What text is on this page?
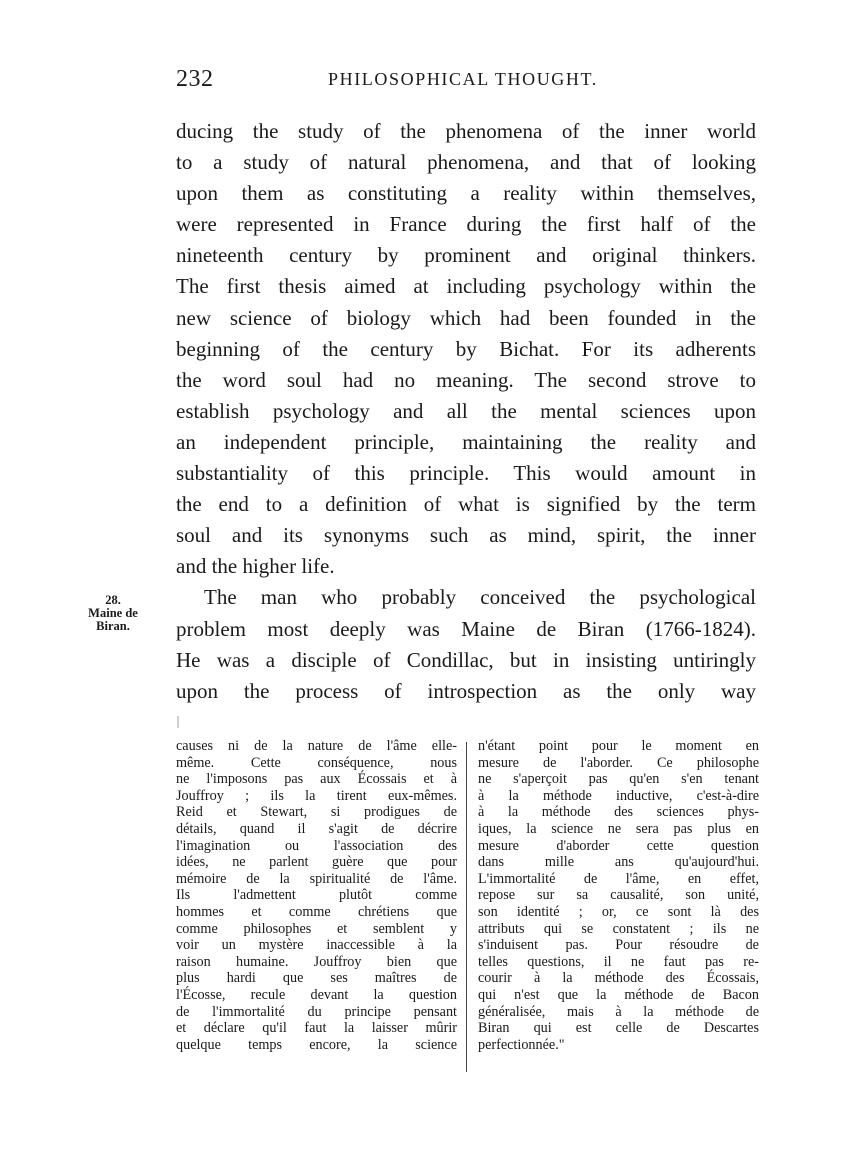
232	PHILOSOPHICAL THOUGHT.
ducing the study of the phenomena of the inner world
to a study of natural phenomena, and that of looking
upon them as constituting a reality within themselves,
were represented in France during the first half of the
nineteenth century by prominent and original thinkers.
The first thesis aimed at including psychology within the
new science of biology which had been founded in the
beginning of the century by Bichat. For its adherents
the word soul had no meaning. The second strove to
establish psychology and all the mental sciences upon
an independent principle, maintaining the reality and
substantiality of this principle. This would amount in
the end to a definition of what is signified by the term
soul and its synonyms such as mind, spirit, the inner
and the higher life.
The man who probably conceived the psychological
problem most deeply was Maine de Biran (1766-1824).
He was a disciple of Condillac, but in insisting untiringly
upon the process of introspection as the only way
28.
Maine de
Biran.
causes ni de la nature de l'âme elle-
même. Cette conséquence, nous
ne l'imposons pas aux Écossais et à
Jouffroy ; ils la tirent eux-mêmes.
Reid et Stewart, si prodigues de
détails, quand il s'agit de décrire
l'imagination ou l'association des
idées, ne parlent guère que pour
mémoire de la spiritualité de l'âme.
Ils l'admettent plutôt comme
hommes et comme chrétiens que
comme philosophes et semblent y
voir un mystère inaccessible à la
raison humaine. Jouffroy bien que
plus hardi que ses maîtres de
l'Écosse, recule devant la question
de l'immortalité du principe pensant
et déclare qu'il faut la laisser mûrir
quelque temps encore, la science
n'étant point pour le moment en
mesure de l'aborder. Ce philosophe
ne s'aperçoit pas qu'en s'en tenant
à la méthode inductive, c'est-à-dire
à la méthode des sciences phys-
iques, la science ne sera pas plus en
mesure d'aborder cette question
dans mille ans qu'aujourd'hui.
L'immortalité de l'âme, en effet,
repose sur sa causalité, son unité,
son identité ; or, ce sont là des
attributs qui se constatent ; ils ne
s'induisent pas. Pour résoudre de
telles questions, il ne faut pas re-
courir à la méthode des Écossais,
qui n'est que la méthode de Bacon
généralisée, mais à la méthode de
Biran qui est celle de Descartes
perfectionnée."
